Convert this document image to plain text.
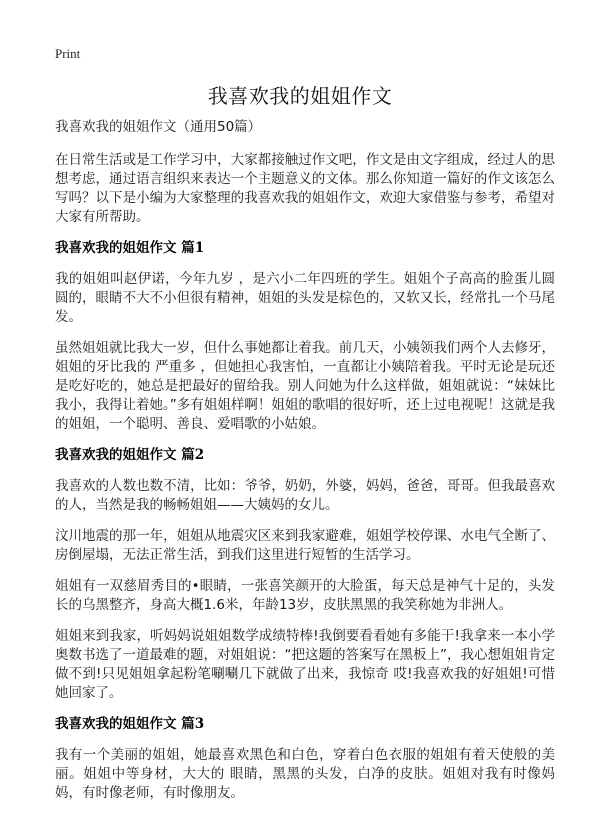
Print
我喜欢我的姐姐作文

我喜欢我的姐姐作文（通用50篇）

在日常生活或是工作学习中，大家都接触过作文吧，作文是由文字组成，经过人的思想考虑，通过语言组织来表达一个主题意义的文体。那么你知道一篇好的作文该怎么写吗？以下是小编为大家整理的我喜欢我的姐姐作文，欢迎大家借鉴与参考，希望对大家有所帮助。

我喜欢我的姐姐作文 篇1

我的姐姐叫赵伊诺，今年九岁 ，是六小二年四班的学生。姐姐个子高高的脸蛋儿圆圆的，眼睛不大不小但很有精神，姐姐的头发是棕色的，又软又长，经常扎一个马尾发。

虽然姐姐就比我大一岁，但什么事她都让着我。前几天，小姨领我们两个人去修牙，姐姐的牙比我的 严重多 ，但她担心我害怕，一直都让小姨陪着我。平时无论是玩还是吃好吃的，她总是把最好的留给我。别人问她为什么这样做，姐姐就说：“妹妹比我小，我得让着她。”多有姐姐样啊！姐姐的歌唱的很好听，还上过电视呢！这就是我的姐姐，一个聪明、善良、爱唱歌的小姑娘。

我喜欢我的姐姐作文 篇2

我喜欢的人数也数不清，比如：爷爷，奶奶，外婆，妈妈，爸爸，哥哥。但我最喜欢的人，当然是我的畅畅姐姐——大姨妈的女儿。

汶川地震的那一年，姐姐从地震灾区来到我家避难，姐姐学校停课、水电气全断了、房倒屋塌，无法正常生活，到我们这里进行短暂的生活学习。

姐姐有一双慈眉秀目的•眼睛，一张喜笑颜开的大脸蛋，每天总是神气十足的，头发长的乌黑整齐，身高大概1.6米，年龄13岁，皮肤黑黑的我笑称她为非洲人。

姐姐来到我家，听妈妈说姐姐数学成绩特棒!我倒要看看她有多能干!我拿来一本小学奥数书选了一道最难的题，对姐姐说：“把这题的答案写在黑板上”，我心想姐姐肯定做不到!只见姐姐拿起粉笔唰唰几下就做了出来，我惊奇 哎!我喜欢我的好姐姐!可惜她回家了。

我喜欢我的姐姐作文 篇3

我有一个美丽的姐姐，她最喜欢黑色和白色，穿着白色衣服的姐姐有着天使般的美丽。姐姐中等身材，大大的 眼睛，黑黑的头发，白净的皮肤。姐姐对我有时像妈妈，有时像老师，有时像朋友。
